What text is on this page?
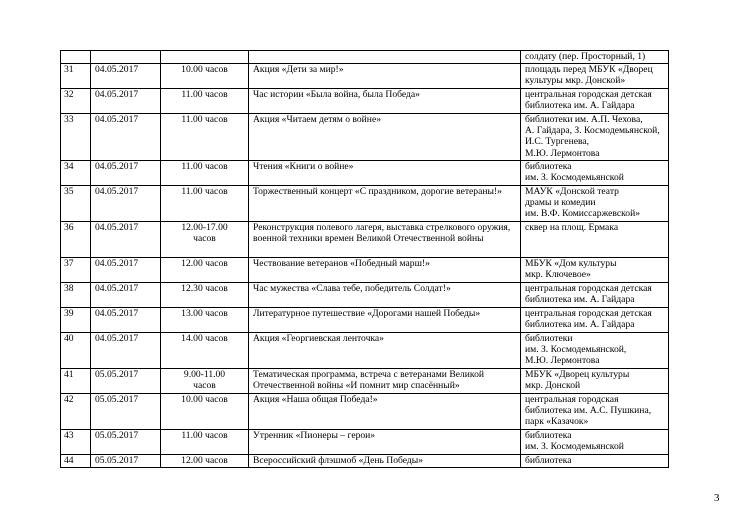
				солдату (пер. Просторный, 1)
31	04.05.2017	10.00 часов	Акция «Дети за мир!»	площадь перед МБУК «Дворец культуры мкр. Донской»
32	04.05.2017	11.00 часов	Час истории «Была война, была Победа»	центральная городская детская библиотека им. А. Гайдара
33	04.05.2017	11.00 часов	Акция «Читаем детям о войне»	библиотеки им. А.П. Чехова,
А. Гайдара, З. Космодемьянской,
И.С. Тургенева,
М.Ю. Лермонтова
34	04.05.2017	11.00 часов	Чтения «Книги о войне»	библиотека
им. З. Космодемьянской
35	04.05.2017	11.00 часов	Торжественный концерт «С праздником, дорогие ветераны!»	МАУК «Донской театр
драмы и комедии
им. В.Ф. Комиссаржевской»
36	04.05.2017	12.00-17.00
часов	Реконструкция полевого лагеря, выставка стрелкового оружия, военной техники времен Великой Отечественной войны	сквер на площ. Ермака
37	04.05.2017	12.00 часов	Чествование ветеранов «Победный марш!»	МБУК «Дом культуры
мкр. Ключевое»
38	04.05.2017	12.30 часов	Час мужества «Слава тебе, победитель Солдат!»	центральная городская детская библиотека им. А. Гайдара
39	04.05.2017	13.00 часов	Литературное путешествие «Дорогами нашей Победы»	центральная городская детская библиотека им. А. Гайдара
40	04.05.2017	14.00 часов	Акция «Георгиевская ленточка»	библиотеки
им. З. Космодемьянской,
М.Ю. Лермонтова
41	05.05.2017	9.00-11.00
часов	Тематическая программа, встреча с ветеранами Великой Отечественной войны «И помнит мир спасённый»	МБУК «Дворец культуры
мкр. Донской
42	05.05.2017	10.00 часов	Акция «Наша общая Победа!»	центральная городская
библиотека им. А.С. Пушкина,
парк «Казачок»
43	05.05.2017	11.00 часов	Утренник «Пионеры – герои»	библиотека
им. З. Космодемьянской
44	05.05.2017	12.00 часов	Всероссийский флэшмоб «День Победы»	библиотека
3
